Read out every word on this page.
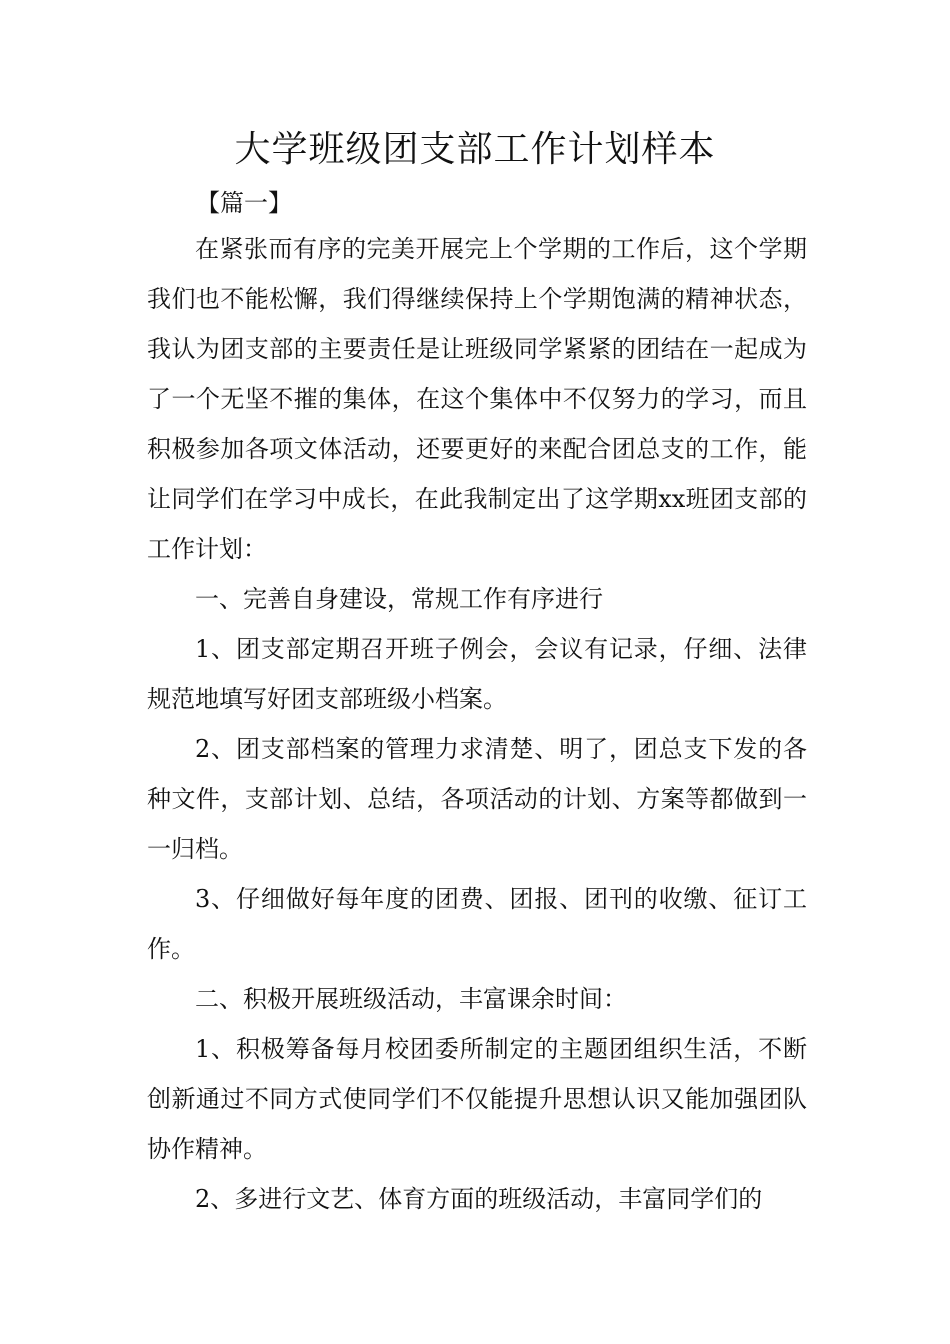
大学班级团支部工作计划样本
【篇一】

在紧张而有序的完美开展完上个学期的工作后，这个学期我们也不能松懈，我们得继续保持上个学期饱满的精神状态，我认为团支部的主要责任是让班级同学紧紧的团结在一起成为了一个无坚不摧的集体，在这个集体中不仅努力的学习，而且积极参加各项文体活动，还要更好的来配合团总支的工作，能让同学们在学习中成长，在此我制定出了这学期xx班团支部的工作计划：

一、完善自身建设，常规工作有序进行

1、团支部定期召开班子例会，会议有记录，仔细、法律规范地填写好团支部班级小档案。

2、团支部档案的管理力求清楚、明了，团总支下发的各种文件，支部计划、总结，各项活动的计划、方案等都做到一一归档。

3、仔细做好每年度的团费、团报、团刊的收缴、征订工作。

二、积极开展班级活动，丰富课余时间：

1、积极筹备每月校团委所制定的主题团组织生活，不断创新通过不同方式使同学们不仅能提升思想认识又能加强团队协作精神。

2、多进行文艺、体育方面的班级活动，丰富同学们的
